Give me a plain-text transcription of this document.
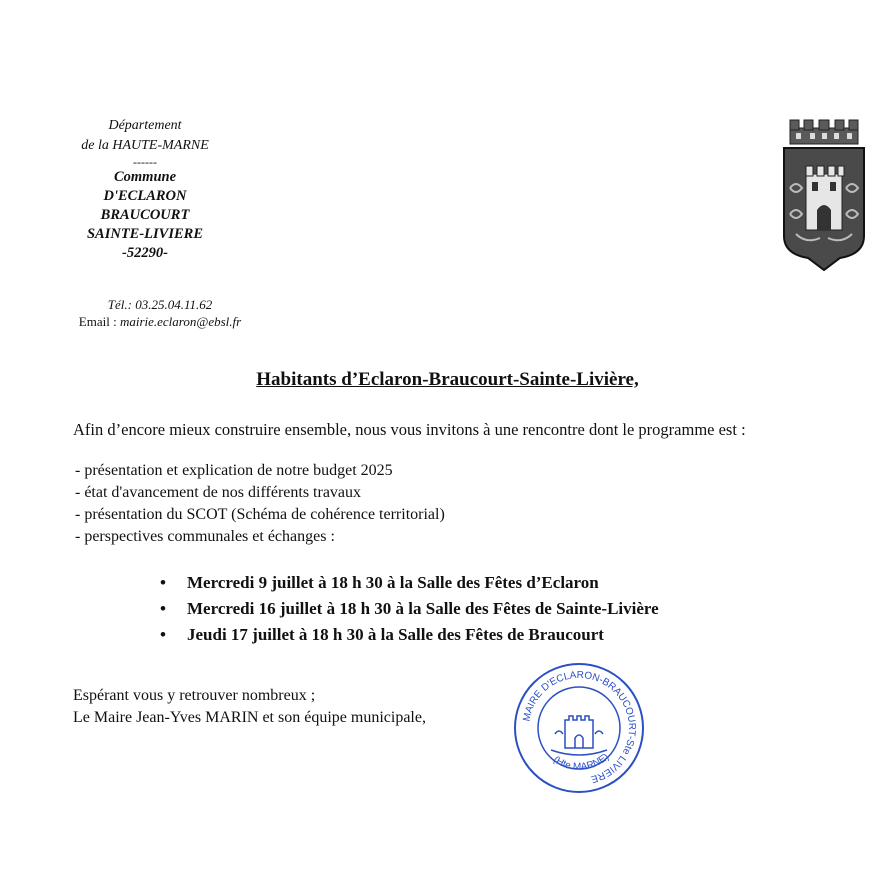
Département
de la HAUTE-MARNE
------
Commune
D'ECLARON
BRAUCOURT
SAINTE-LIVIERE
-52290-
Tél.: 03.25.04.11.62
Email : mairie.eclaron@ebsl.fr
Habitants d’Eclaron-Braucourt-Sainte-Livière,
Afin d’encore mieux construire ensemble, nous vous invitons à une rencontre dont le programme est :
- présentation et explication de notre budget 2025
- état d'avancement de nos différents travaux
- présentation du SCOT (Schéma de cohérence territorial)
- perspectives communales et échanges :
• Mercredi 9 juillet à 18 h 30 à la Salle des Fêtes d’Eclaron
• Mercredi 16 juillet à 18 h 30 à la Salle des Fêtes de Sainte-Livière
• Jeudi 17 juillet à 18 h 30 à la Salle des Fêtes de Braucourt
Espérant vous y retrouver nombreux ;
Le Maire Jean-Yves MARIN et son équipe municipale,	MAIRE D'ECLARON-BRAUCOURT-Ste LIVIERE
(Hte MARNE)
